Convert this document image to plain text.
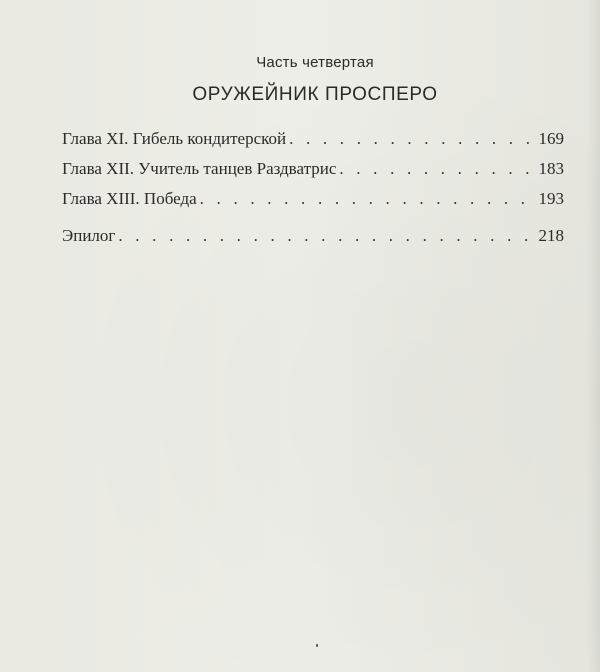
Часть четвертая
ОРУЖЕЙНИК ПРОСПЕРО
Глава XI. Гибель кондитерской . . .	169
Глава XII. Учитель танцев Раздватрис . . .	183
Глава XIII. Победа . . .	193
Эпилог . . .	218
